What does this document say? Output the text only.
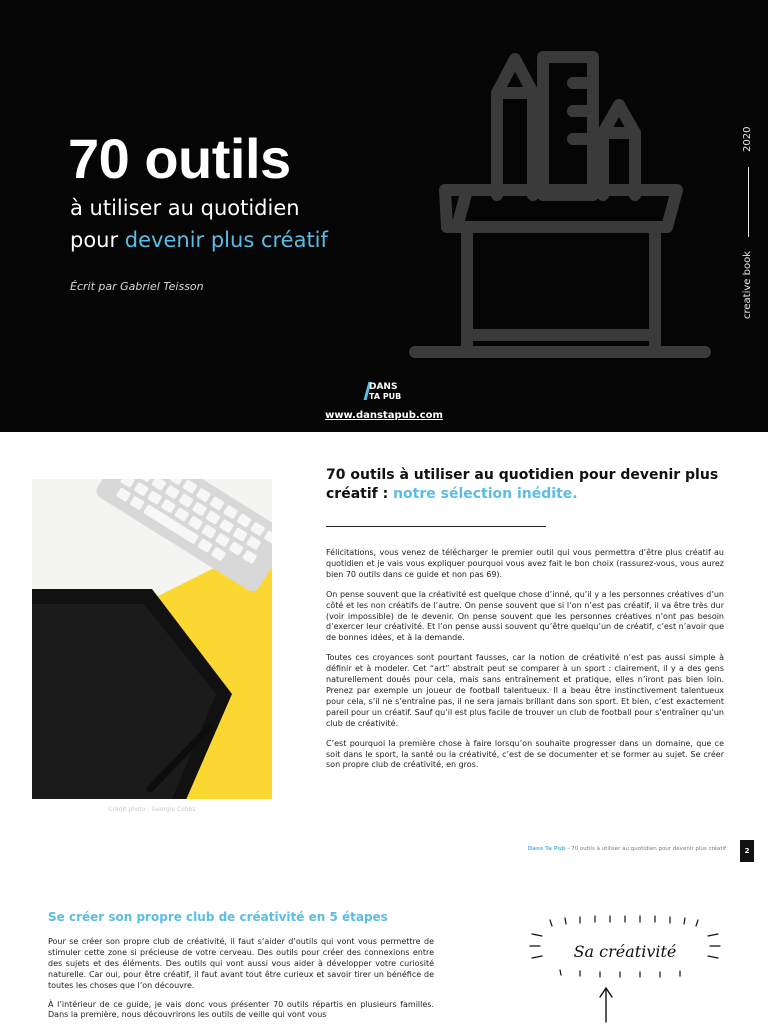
70 outils
à utiliser au quotidien
pour devenir plus créatif
Écrit par Gabriel Teisson
2020
creative book
DANS
TA PUB
www.danstapub.com
Crédit photo : Georgie Cobbs
70 outils à utiliser au quotidien pour devenir plus créatif : notre sélection inédite.

Félicitations, vous venez de télécharger le premier outil qui vous permettra d’être plus créatif au quotidien et je vais vous expliquer pourquoi vous avez fait le bon choix (rassurez-vous, vous aurez bien 70 outils dans ce guide et non pas 69).

On pense souvent que la créativité est quelque chose d’inné, qu’il y a les personnes créatives d’un côté et les non créatifs de l’autre. On pense souvent que si l’on n’est pas créatif, il va être très dur (voir impossible) de le devenir. On pense souvent que les personnes créatives n’ont pas besoin d’exercer leur créativité. Et l’on pense aussi souvent qu’être quelqu’un de créatif, c’est n’avoir que de bonnes idées, et à la demande.

Toutes ces croyances sont pourtant fausses, car la notion de créativité n’est pas aussi simple à définir et à modeler. Cet “art” abstrait peut se comparer à un sport : clairement, il y a des gens naturellement doués pour cela, mais sans entraînement et pratique, elles n’iront pas bien loin. Prenez par exemple un joueur de football talentueux. Il a beau être instinctivement talentueux pour cela, s’il ne s’entraîne pas, il ne sera jamais brillant dans son sport. Et bien, c’est exactement pareil pour un créatif. Sauf qu’il est plus facile de trouver un club de football pour s’entraîner qu’un club de créativité.

C’est pourquoi la première chose à faire lorsqu’on souhaite progresser dans un domaine, que ce soit dans le sport, la santé ou la créativité, c’est de se documenter et se former au sujet. Se créer son propre club de créativité, en gros.

Dans Ta Pub - 70 outils à utiliser au quotidien pour devenir plus créatif	2
Se créer son propre club de créativité en 5 étapes

Pour se créer son propre club de créativité, il faut s’aider d’outils qui vont vous permettre de stimuler cette zone si précieuse de votre cerveau. Des outils pour créer des connexions entre des sujets et des éléments. Des outils qui vont aussi vous aider à développer votre curiosité naturelle. Car oui, pour être créatif, il faut avant tout être curieux et savoir tirer un bénéfice de toutes les choses que l’on découvre.

À l’intérieur de ce guide, je vais donc vous présenter 70 outils répartis en plusieurs familles. Dans la première, nous découvrirons les outils de veille qui vont vous

Sa créativité
